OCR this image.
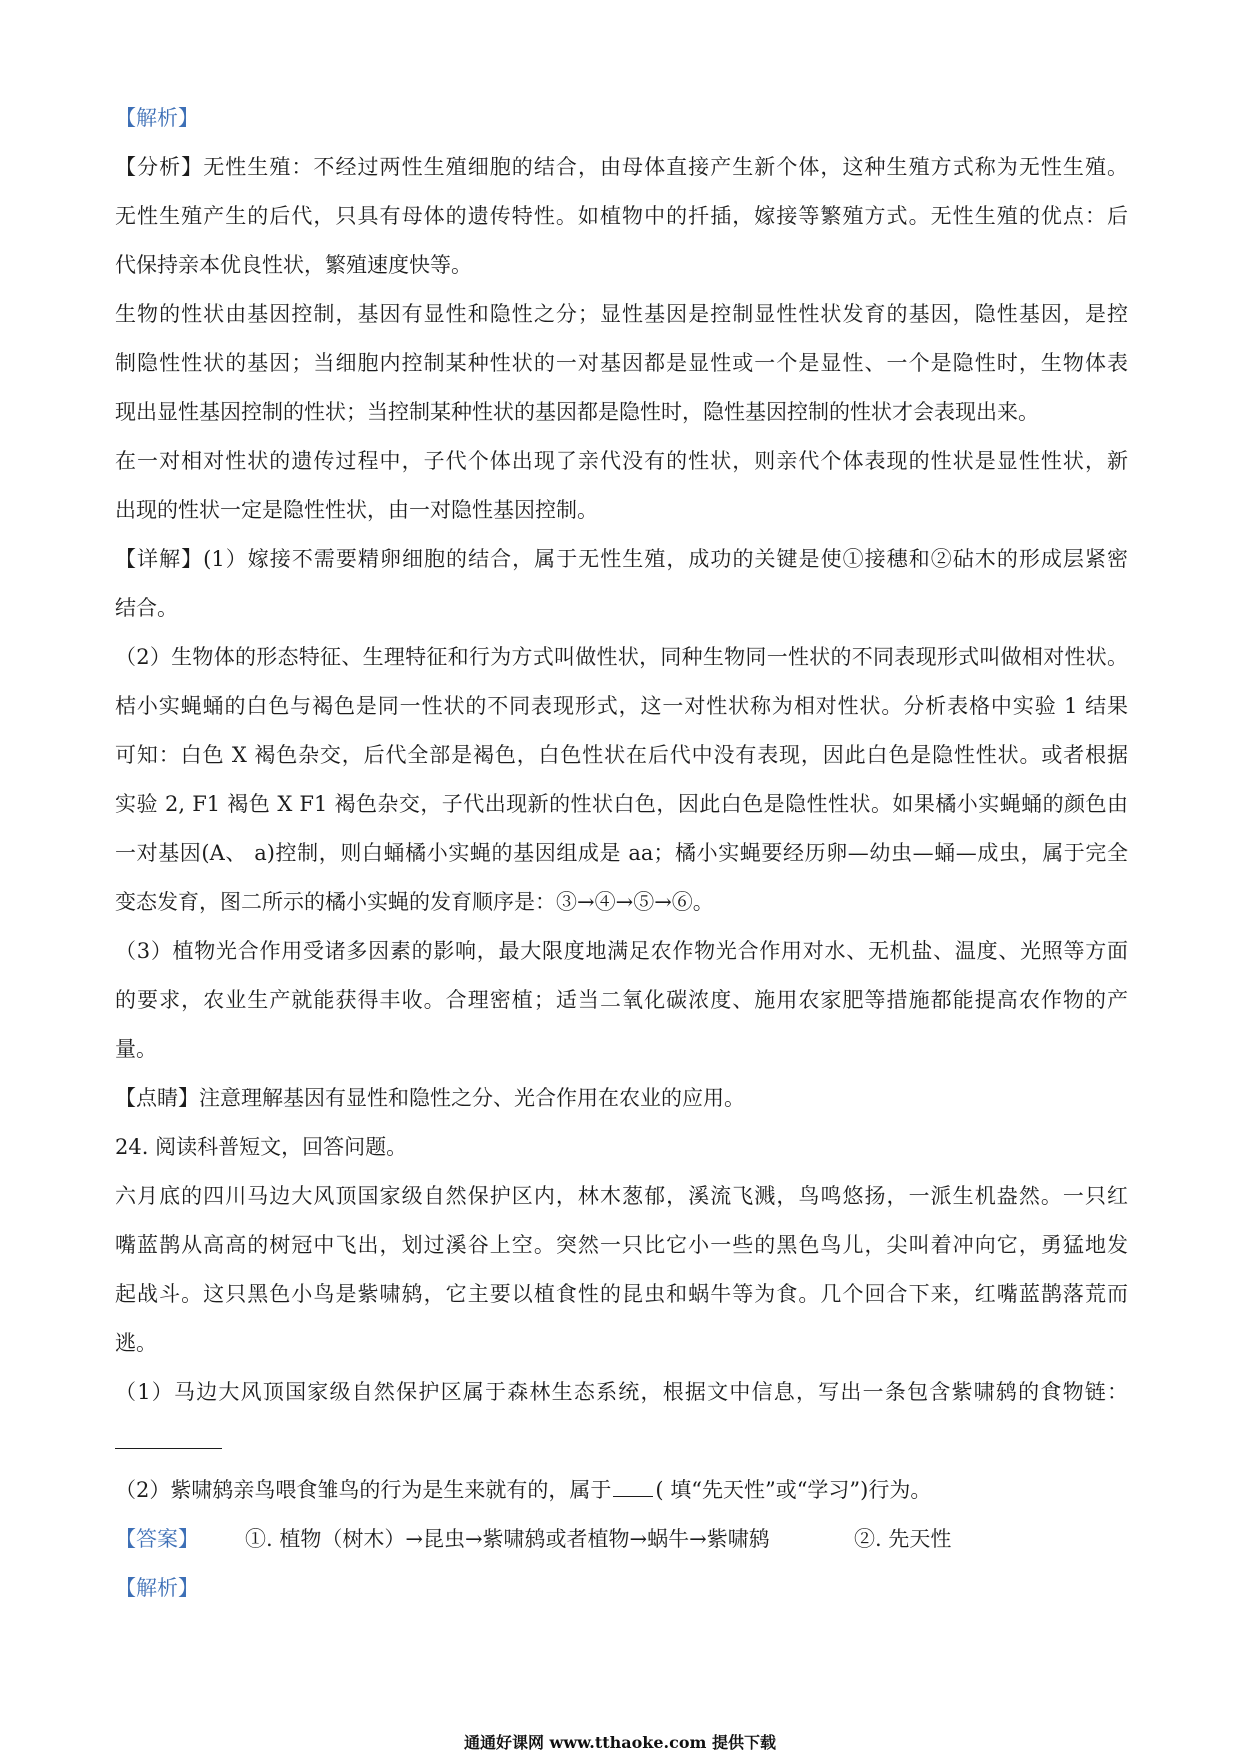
【解析】
【分析】无性生殖：不经过两性生殖细胞的结合，由母体直接产生新个体，这种生殖方式称为无性生殖。
无性生殖产生的后代，只具有母体的遗传特性。如植物中的扦插，嫁接等繁殖方式。无性生殖的优点：后
代保持亲本优良性状，繁殖速度快等。
生物的性状由基因控制，基因有显性和隐性之分；显性基因是控制显性性状发育的基因，隐性基因，是控
制隐性性状的基因；当细胞内控制某种性状的一对基因都是显性或一个是显性、一个是隐性时，生物体表
现出显性基因控制的性状；当控制某种性状的基因都是隐性时，隐性基因控制的性状才会表现出来。
在一对相对性状的遗传过程中，子代个体出现了亲代没有的性状，则亲代个体表现的性状是显性性状，新
出现的性状一定是隐性性状，由一对隐性基因控制。
【详解】(1）嫁接不需要精卵细胞的结合，属于无性生殖，成功的关键是使①接穗和②砧木的形成层紧密
结合。
（2）生物体的形态特征、生理特征和行为方式叫做性状，同种生物同一性状的不同表现形式叫做相对性状。
桔小实蝇蛹的白色与褐色是同一性状的不同表现形式，这一对性状称为相对性状。分析表格中实验 1 结果
可知：白色 X 褐色杂交，后代全部是褐色，白色性状在后代中没有表现，因此白色是隐性性状。或者根据
实验 2, F1 褐色 X F1 褐色杂交，子代出现新的性状白色，因此白色是隐性性状。如果橘小实蝇蛹的颜色由
一对基因(A、 a)控制，则白蛹橘小实蝇的基因组成是 aa；橘小实蝇要经历卵—幼虫—蛹—成虫，属于完全
变态发育，图二所示的橘小实蝇的发育顺序是：③→④→⑤→⑥。
（3）植物光合作用受诸多因素的影响，最大限度地满足农作物光合作用对水、无机盐、温度、光照等方面
的要求，农业生产就能获得丰收。合理密植；适当二氧化碳浓度、施用农家肥等措施都能提高农作物的产
量。
【点睛】注意理解基因有显性和隐性之分、光合作用在农业的应用。
24. 阅读科普短文，回答问题。
六月底的四川马边大风顶国家级自然保护区内，林木葱郁，溪流飞溅，鸟鸣悠扬，一派生机盎然。一只红
嘴蓝鹊从高高的树冠中飞出，划过溪谷上空。突然一只比它小一些的黑色鸟儿，尖叫着冲向它，勇猛地发
起战斗。这只黑色小鸟是紫啸鸫，它主要以植食性的昆虫和蜗牛等为食。几个回合下来，红嘴蓝鹊落荒而
逃。
（1）马边大风顶国家级自然保护区属于森林生态系统，根据文中信息，写出一条包含紫啸鸫的食物链：
（2）紫啸鸫亲鸟喂食雏鸟的行为是生来就有的，属于 ( 填“先天性”或“学习”)行为。
【答案】 ①. 植物（树木）→昆虫→紫啸鸫或者植物→蜗牛→紫啸鸫	②. 先天性
【解析】
通通好课网 www.tthaoke.com 提供下载
